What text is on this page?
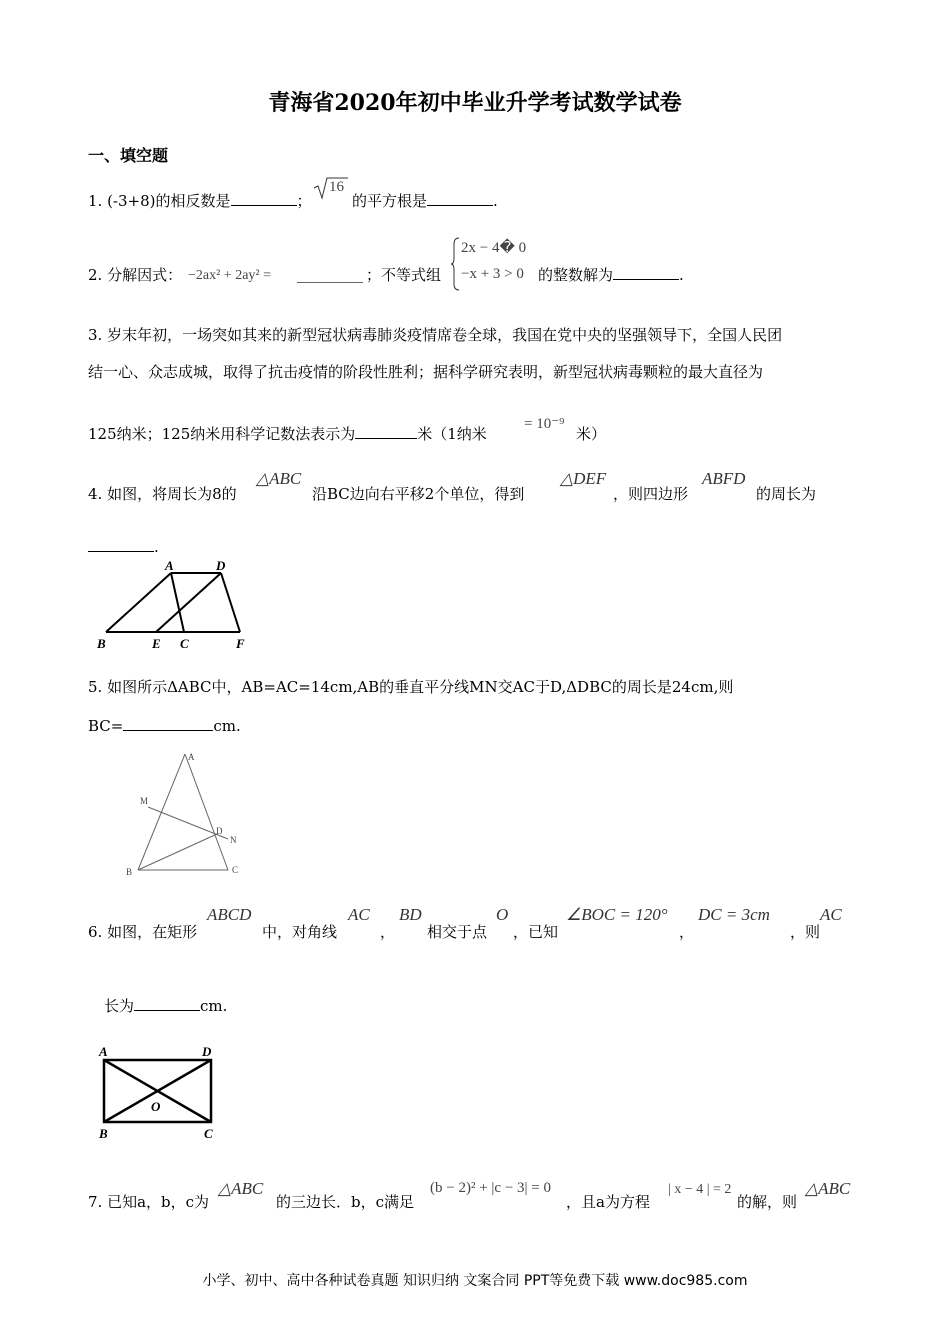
青海省2020年初中毕业升学考试数学试卷
一、填空题
1. (-3+8)的相反数是	；
16
的平方根是	.
2. 分解因式： −2ax² + 2ay² =	；不等式组
2x − 4� 0
−x + 3 > 0 的整数解为	.
3. 岁末年初，一场突如其来的新型冠状病毒肺炎疫情席卷全球，我国在党中央的坚强领导下，全国人民团
结一心、众志成城，取得了抗击疫情的阶段性胜利；据科学研究表明，新型冠状病毒颗粒的最大直径为
125纳米；125纳米用科学记数法表示为	米（1纳米
= 10⁻⁹
米）
4. 如图，将周长为8的
△ABC
沿BC边向右平移2个单位，得到
△DEF
，则四边形
ABFD
的周长为
.
A	D
B	E C	F
5. 如图所示ΔABC中，AB=AC=14cm,AB的垂直平分线MN交AC于D,ΔDBC的周长是24cm,则
BC=	cm.
A
M
D
N
B	C
6. 如图，在矩形
ABCD
中，对角线
AC
，
BD
相交于点
O
，已知
∠BOC = 120°
，
DC = 3cm
，则
AC
长为	cm.
A	D
O
B	C
7. 已知a，b，c为
△ABC
的三边长．b，c满足
(b − 2)² + |c − 3| = 0
，且a为方程
| x − 4 | = 2
的解，则
△ABC
小学、初中、高中各种试卷真题 知识归纳 文案合同 PPT等免费下载 www.doc985.com
